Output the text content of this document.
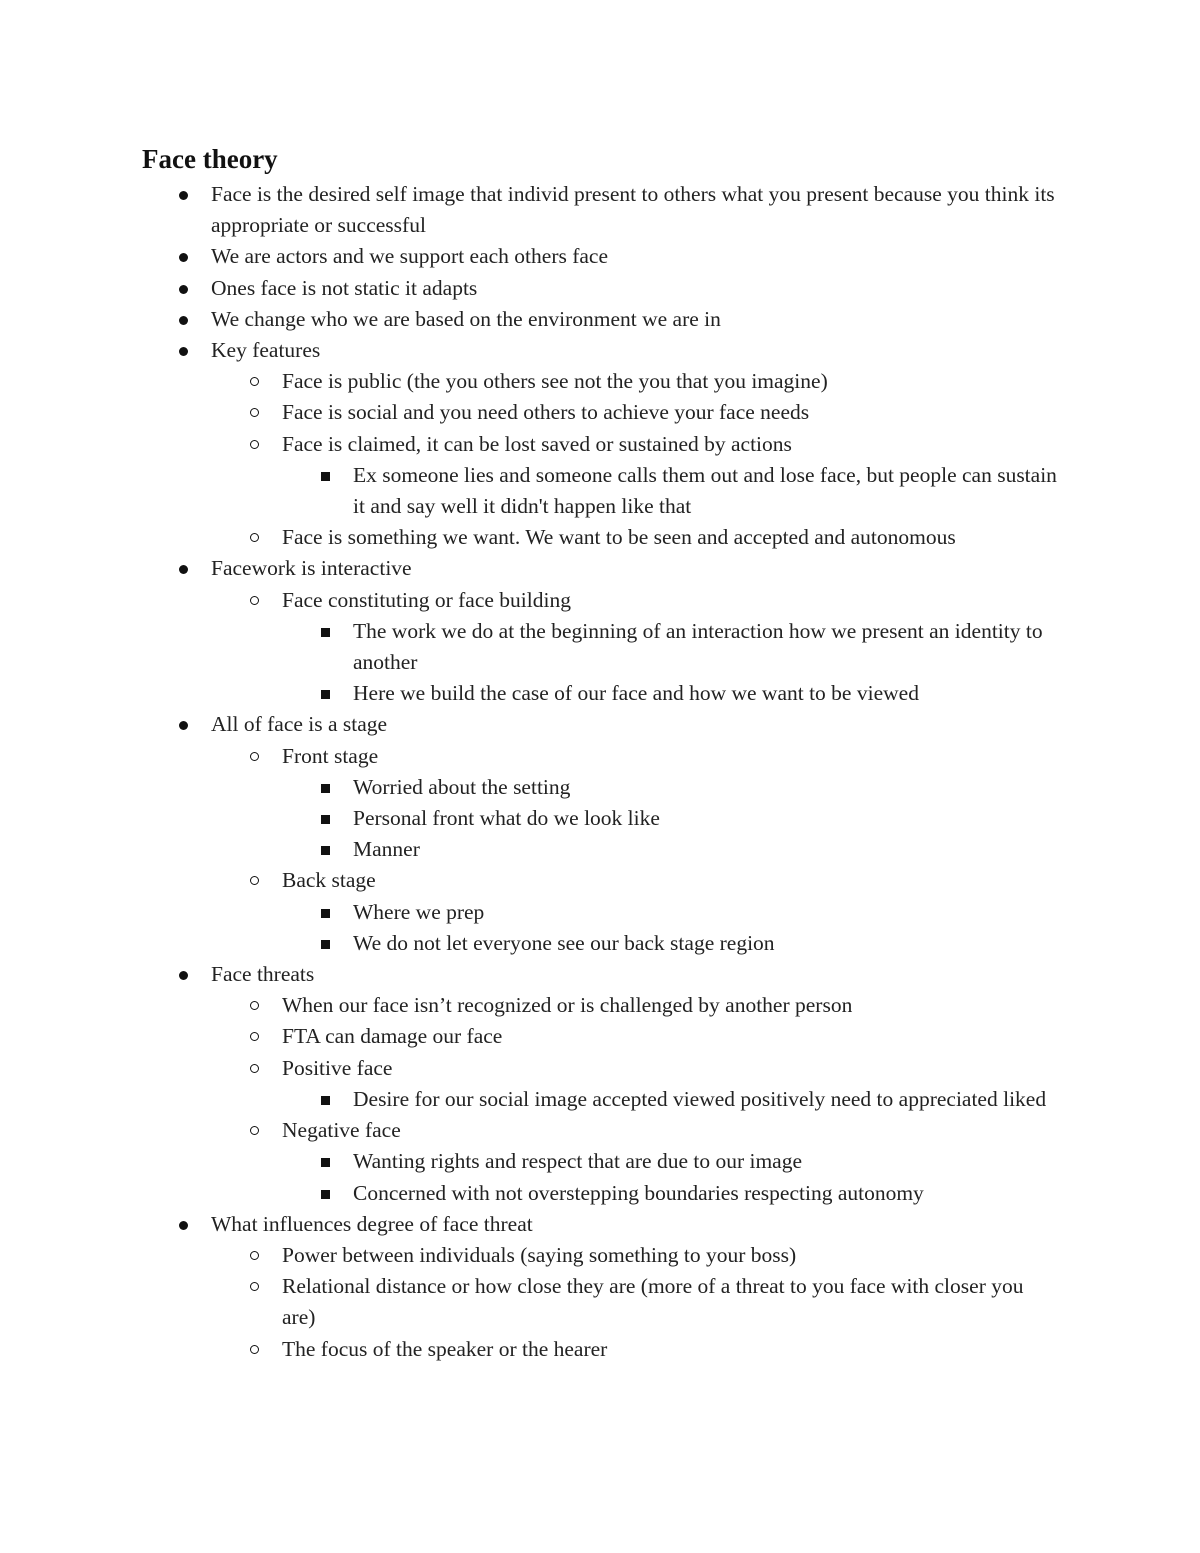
Face theory
Face is the desired self image that individ present to others what you present because you think its appropriate or successful
We are actors and we support each others face
Ones face is not static it adapts
We change who we are based on the environment we are in
Key features
Face is public (the you others see not the you that you imagine)
Face is social and you need others to achieve your face needs
Face is claimed, it can be lost saved or sustained by actions
Ex someone lies and someone calls them out and lose face, but people can sustain it and say well it didn't happen like that
Face is something we want. We want to be seen and accepted and autonomous
Facework is interactive
Face constituting or face building
The work we do at the beginning of an interaction how we present an identity to another
Here we build the case of our face and how we want to be viewed
All of face is a stage
Front stage
Worried about the setting
Personal front what do we look like
Manner
Back stage
Where we prep
We do not let everyone see our back stage region
Face threats
When our face isn’t recognized or is challenged by another person
FTA can damage our face
Positive face
Desire for our social image accepted viewed positively need to appreciated liked
Negative face
Wanting rights and respect that are due to our image
Concerned with not overstepping boundaries respecting autonomy
What influences degree of face threat
Power between individuals (saying something to your boss)
Relational distance or how close they are (more of a threat to you face with closer you are)
The focus of the speaker or the hearer
